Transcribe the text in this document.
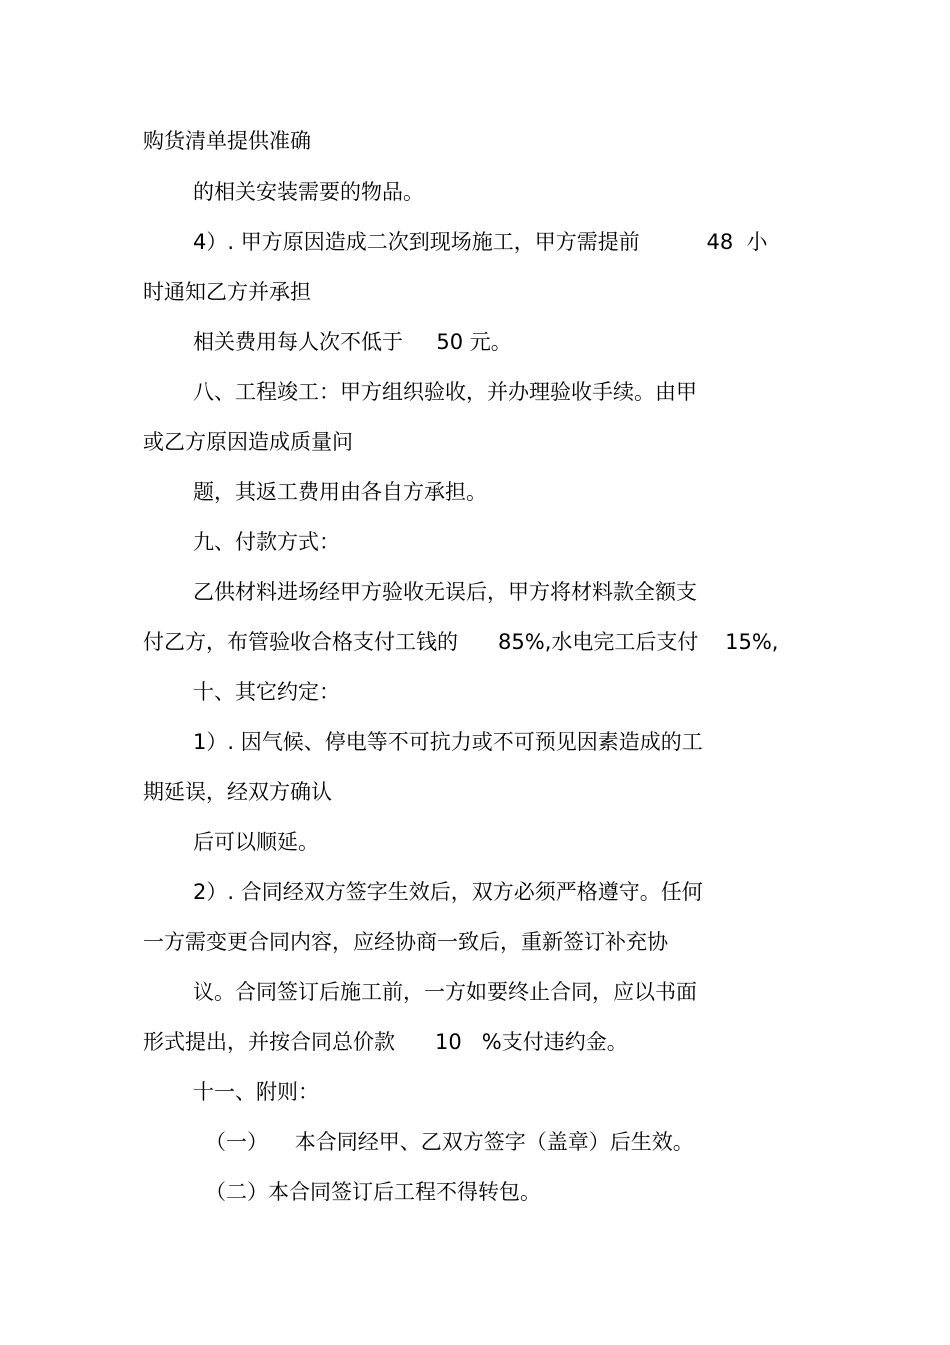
购货清单提供准确

的相关安装需要的物品。

4）. 甲方原因造成二次到现场施工，甲方需提前          48  小

时通知乙方并承担

相关费用每人次不低于     50 元。

八、工程竣工：甲方组织验收，并办理验收手续。由甲

或乙方原因造成质量问

题，其返工费用由各自方承担。

九、付款方式：

乙供材料进场经甲方验收无误后，甲方将材料款全额支

付乙方，布管验收合格支付工钱的      85%,水电完工后支付    15%,

十、其它约定：

1）. 因气候、停电等不可抗力或不可预见因素造成的工

期延误，经双方确认

后可以顺延。

2）. 合同经双方签字生效后，双方必须严格遵守。任何

一方需变更合同内容，应经协商一致后，重新签订补充协

议。合同签订后施工前，一方如要终止合同，应以书面

形式提出，并按合同总价款      10   %支付违约金。

十一、附则：

（一）    本合同经甲、乙双方签字（盖章）后生效。

（二）本合同签订后工程不得转包。
